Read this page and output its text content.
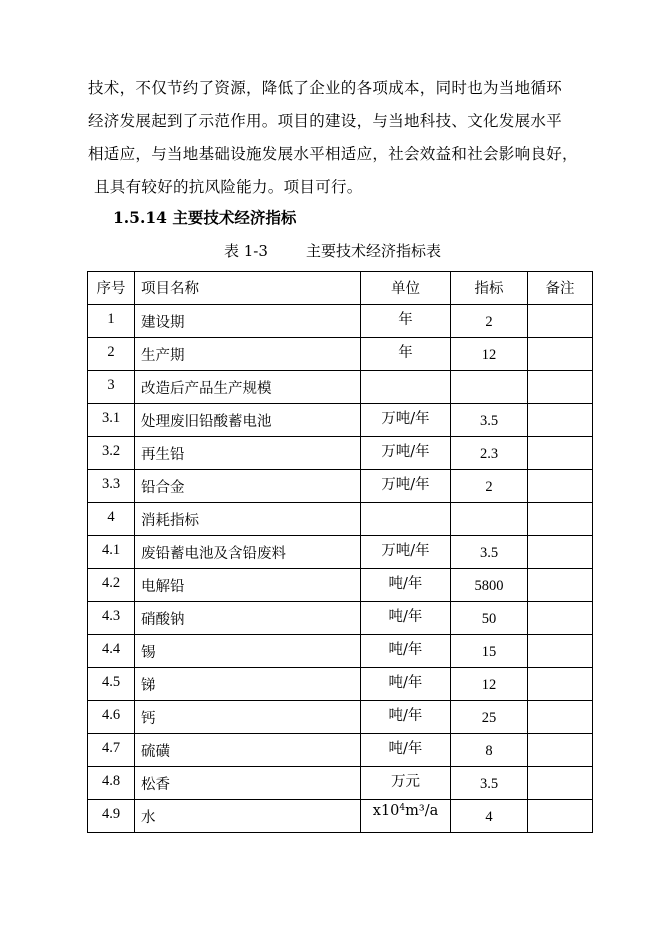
技术，不仅节约了资源，降低了企业的各项成本，同时也为当地循环
经济发展起到了示范作用。项目的建设，与当地科技、文化发展水平
相适应，与当地基础设施发展水平相适应，社会效益和社会影响良好，
且具有较好的抗风险能力。项目可行。
1.5.14 主要技术经济指标
表 1-3	主要技术经济指标表
序号	项目名称	单位	指标	备注
1	建设期	年	2	
2	生产期	年	12	
3	改造后产品生产规模			
3.1	处理废旧铅酸蓄电池	万吨/年	3.5	
3.2	再生铅	万吨/年	2.3	
3.3	铅合金	万吨/年	2	
4	消耗指标			
4.1	废铅蓄电池及含铅废料	万吨/年	3.5	
4.2	电解铅	吨/年	5800	
4.3	硝酸钠	吨/年	50	
4.4	锡	吨/年	15	
4.5	锑	吨/年	12	
4.6	钙	吨/年	25	
4.7	硫磺	吨/年	8	
4.8	松香	万元	3.5	
4.9	水	$x10^4m^3/a$	4	
